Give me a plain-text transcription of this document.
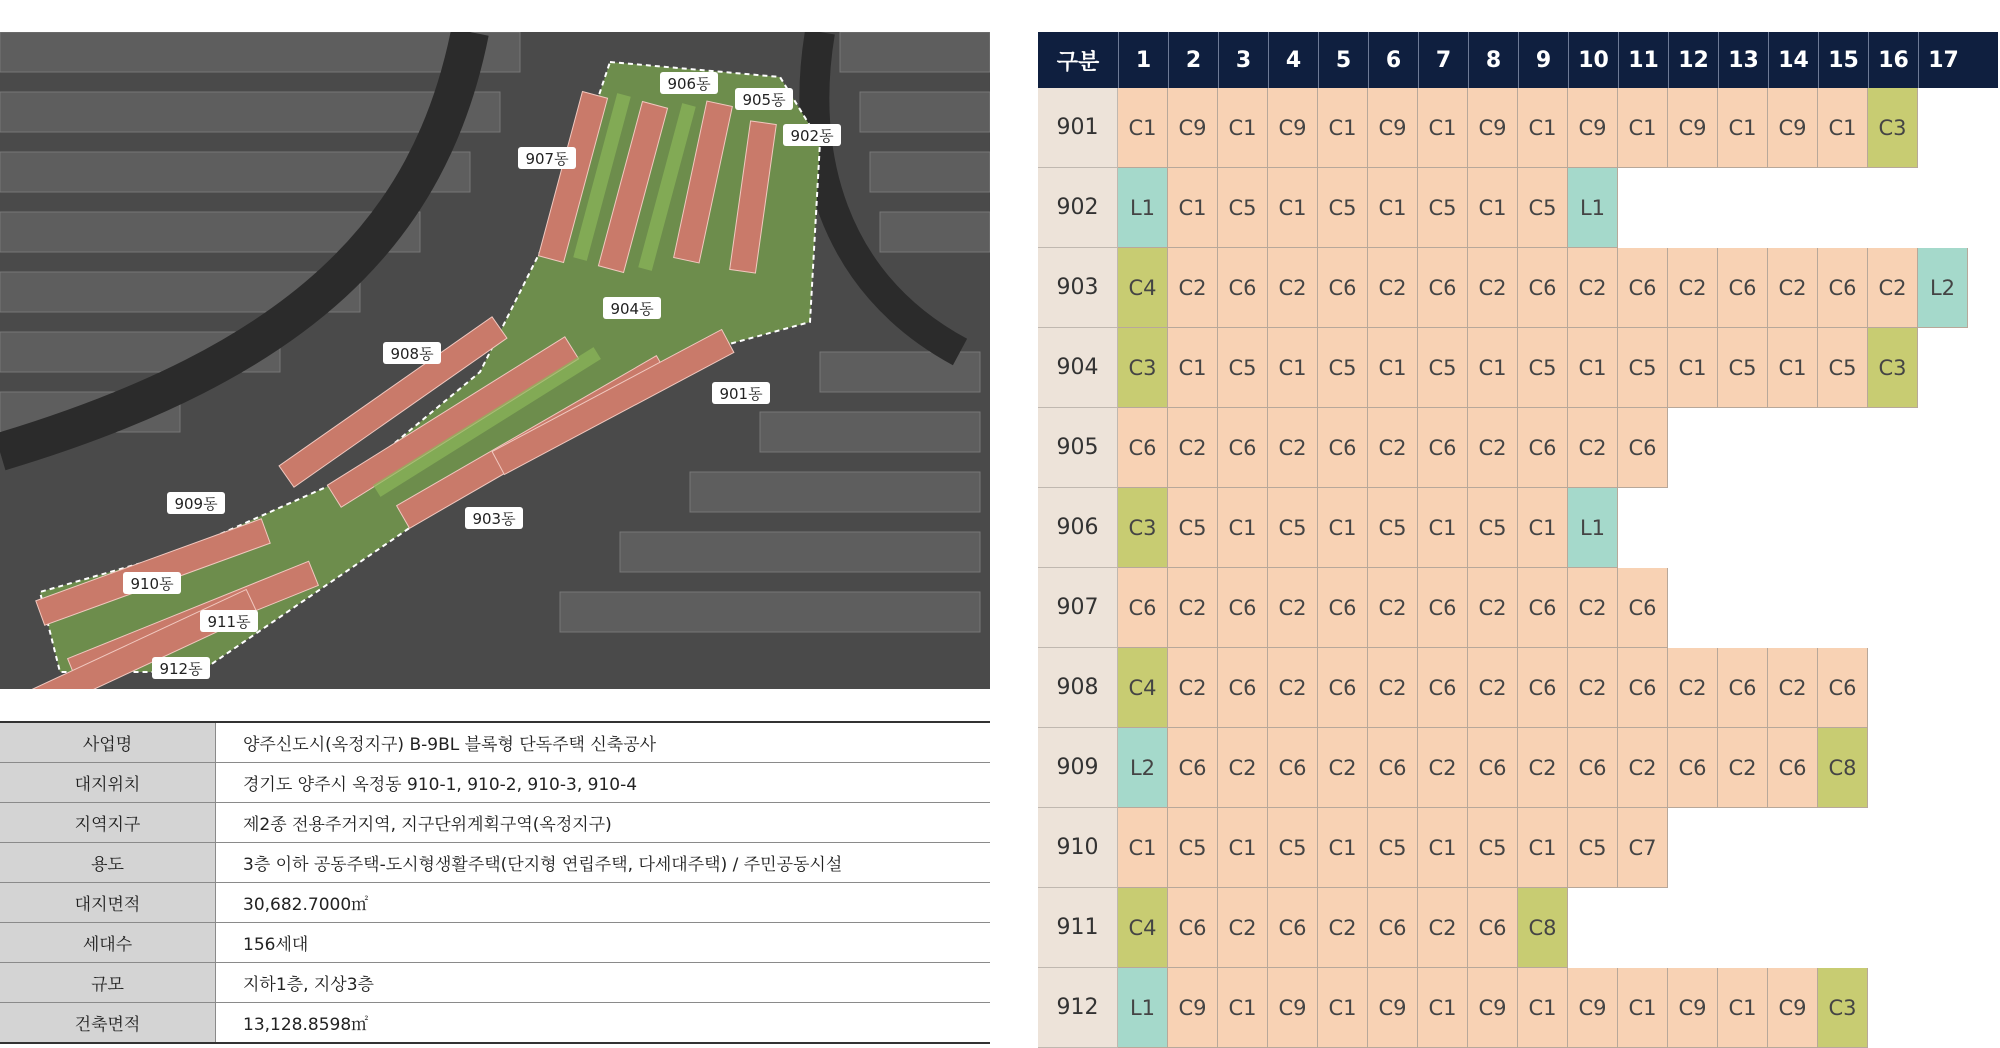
906동
905동
902동
907동
904동
908동
901동
909동
903동
910동
911동
912동
사업명	양주신도시(옥정지구) B-9BL 블록형 단독주택 신축공사
대지위치	경기도 양주시 옥정동 910-1, 910-2, 910-3, 910-4
지역지구	제2종 전용주거지역, 지구단위계획구역(옥정지구)
용도	3층 이하 공동주택-도시형생활주택(단지형 연립주택, 다세대주택) / 주민공동시설
대지면적	30,682.7000㎡
세대수	156세대
규모	지하1층, 지상3층
건축면적	13,128.8598㎡
구분	1	2	3	4	5	6	7	8	9	10 11 12 13 14 15 16 17
901	C1	C9	C1	C9	C1	C9	C1	C9	C1	C9	C1	C9	C1	C9	C1	C3
902	L1	C1	C5	C1	C5	C1	C5	C1	C5	L1
903	C4	C2	C6	C2	C6	C2	C6	C2	C6	C2	C6	C2	C6	C2	C6	C2	L2
904	C3	C1	C5	C1	C5	C1	C5	C1	C5	C1	C5	C1	C5	C1	C5	C3
905	C6	C2	C6	C2	C6	C2	C6	C2	C6	C2	C6
906	C3	C5	C1	C5	C1	C5	C1	C5	C1	L1
907	C6	C2	C6	C2	C6	C2	C6	C2	C6	C2	C6
908	C4	C2	C6	C2	C6	C2	C6	C2	C6	C2	C6	C2	C6	C2	C6
909	L2	C6	C2	C6	C2	C6	C2	C6	C2	C6	C2	C6	C2	C6	C8
910	C1	C5	C1	C5	C1	C5	C1	C5	C1	C5	C7
911	C4	C6	C2	C6	C2	C6	C2	C6	C8
912	L1	C9	C1	C9	C1	C9	C1	C9	C1	C9	C1	C9	C1	C9	C3
